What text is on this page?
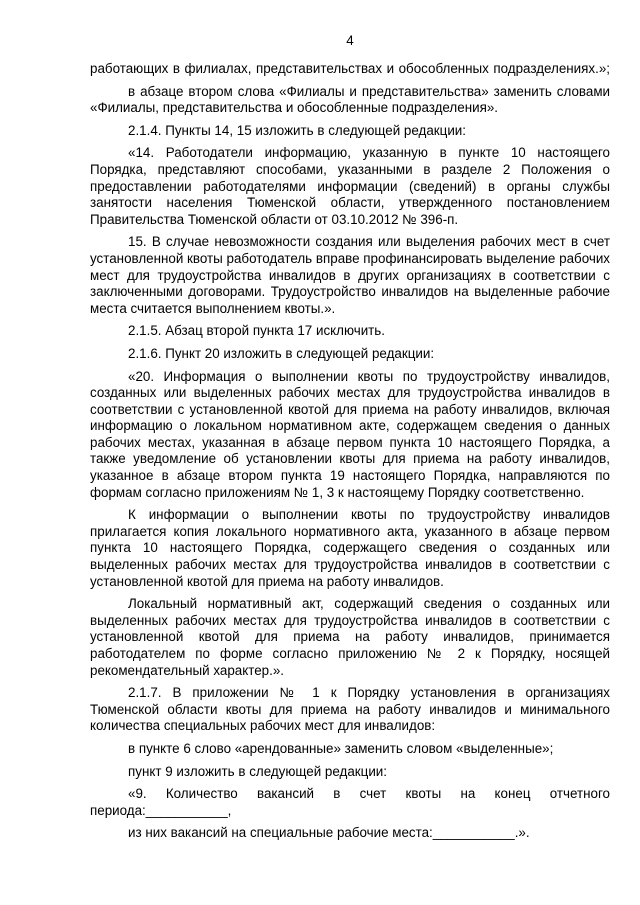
4

работающих в филиалах, представительствах и обособленных подразделениях.»;

в абзаце втором слова «Филиалы и представительства» заменить словами «Филиалы, представительства и обособленные подразделения».

2.1.4. Пункты 14, 15 изложить в следующей редакции:

«14. Работодатели информацию, указанную в пункте 10 настоящего Порядка, представляют способами, указанными в разделе 2 Положения о предоставлении работодателями информации (сведений) в органы службы занятости населения Тюменской области, утвержденного постановлением Правительства Тюменской области от 03.10.2012 № 396-п.

15. В случае невозможности создания или выделения рабочих мест в счет установленной квоты работодатель вправе профинансировать выделение рабочих мест для трудоустройства инвалидов в других организациях в соответствии с заключенными договорами. Трудоустройство инвалидов на выделенные рабочие места считается выполнением квоты.».

2.1.5. Абзац второй пункта 17 исключить.

2.1.6. Пункт 20 изложить в следующей редакции:

«20. Информация о выполнении квоты по трудоустройству инвалидов, созданных или выделенных рабочих местах для трудоустройства инвалидов в соответствии с установленной квотой для приема на работу инвалидов, включая информацию о локальном нормативном акте, содержащем сведения о данных рабочих местах, указанная в абзаце первом пункта 10 настоящего Порядка, а также уведомление об установлении квоты для приема на работу инвалидов, указанное в абзаце втором пункта 19 настоящего Порядка, направляются по формам согласно приложениям № 1, 3 к настоящему Порядку соответственно.

К информации о выполнении квоты по трудоустройству инвалидов прилагается копия локального нормативного акта, указанного в абзаце первом пункта 10 настоящего Порядка, содержащего сведения о созданных или выделенных рабочих местах для трудоустройства инвалидов в соответствии с установленной квотой для приема на работу инвалидов.

Локальный нормативный акт, содержащий сведения о созданных или выделенных рабочих местах для трудоустройства инвалидов в соответствии с установленной квотой для приема на работу инвалидов, принимается работодателем по форме согласно приложению № 2 к Порядку, носящей рекомендательный характер.».

2.1.7. В приложении № 1 к Порядку установления в организациях Тюменской области квоты для приема на работу инвалидов и минимального количества специальных рабочих мест для инвалидов:

в пункте 6 слово «арендованные» заменить словом «выделенные»;

пункт 9 изложить в следующей редакции:

«9. Количество вакансий в счет квоты на конец отчетного периода:___________,

из них вакансий на специальные рабочие места:___________.».
